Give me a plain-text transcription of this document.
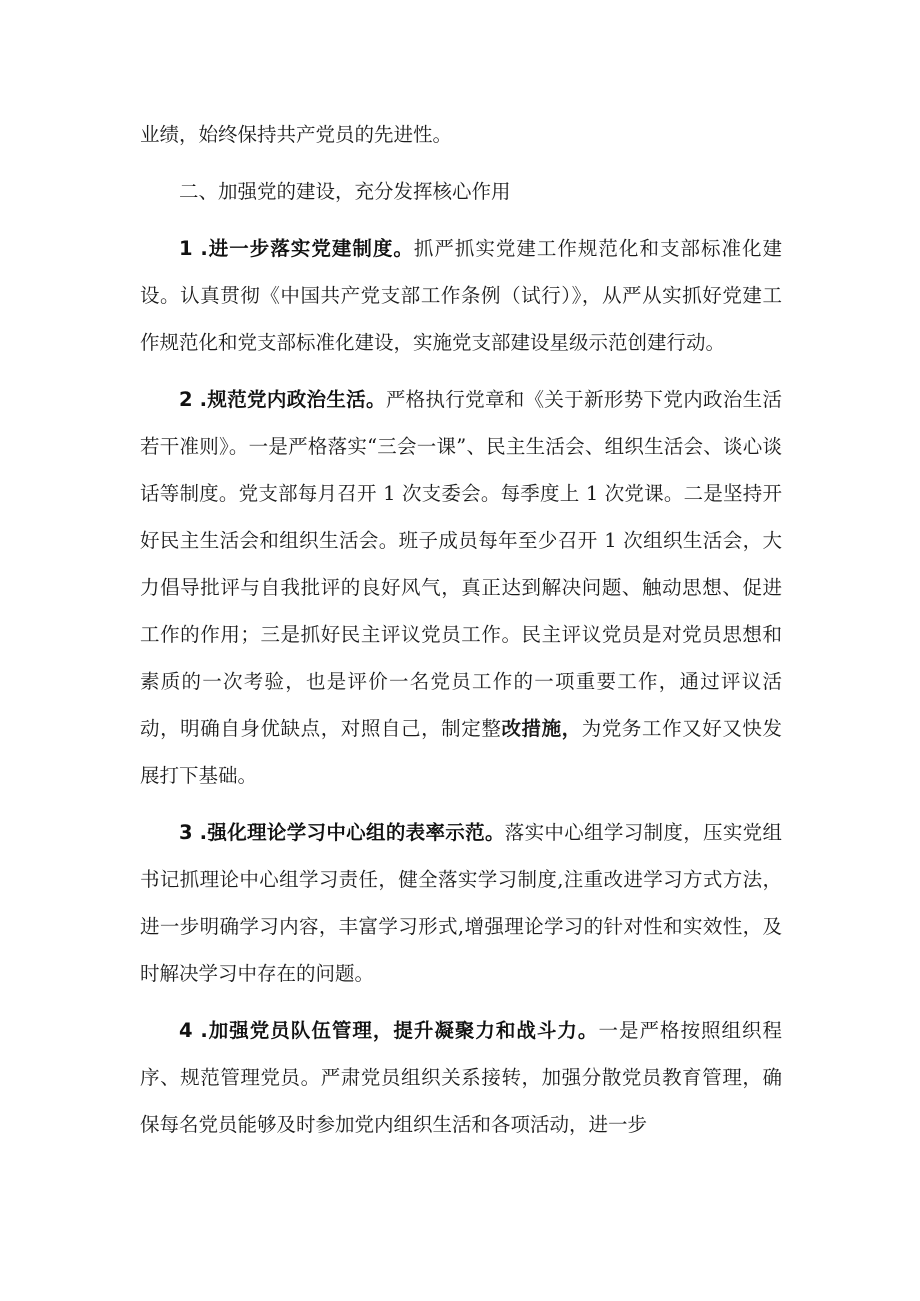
业绩，始终保持共产党员的先进性。

二、加强党的建设，充分发挥核心作用

1 .进一步落实党建制度。抓严抓实党建工作规范化和支部标准化建设。认真贯彻《中国共产党支部工作条例（试行）》，从严从实抓好党建工作规范化和党支部标准化建设，实施党支部建设星级示范创建行动。

2 .规范党内政治生活。严格执行党章和《关于新形势下党内政治生活若干准则》。一是严格落实“三会一课”、民主生活会、组织生活会、谈心谈话等制度。党支部每月召开 1 次支委会。每季度上 1 次党课。二是坚持开好民主生活会和组织生活会。班子成员每年至少召开 1 次组织生活会，大力倡导批评与自我批评的良好风气，真正达到解决问题、触动思想、促进工作的作用；三是抓好民主评议党员工作。民主评议党员是对党员思想和素质的一次考验，也是评价一名党员工作的一项重要工作，通过评议活动，明确自身优缺点，对照自己，制定整改措施，为党务工作又好又快发展打下基础。

3 .强化理论学习中心组的表率示范。落实中心组学习制度，压实党组书记抓理论中心组学习责任，健全落实学习制度,注重改进学习方式方法，进一步明确学习内容，丰富学习形式,增强理论学习的针对性和实效性，及时解决学习中存在的问题。

4 .加强党员队伍管理，提升凝聚力和战斗力。一是严格按照组织程序、规范管理党员。严肃党员组织关系接转，加强分散党员教育管理，确保每名党员能够及时参加党内组织生活和各项活动，进一步
